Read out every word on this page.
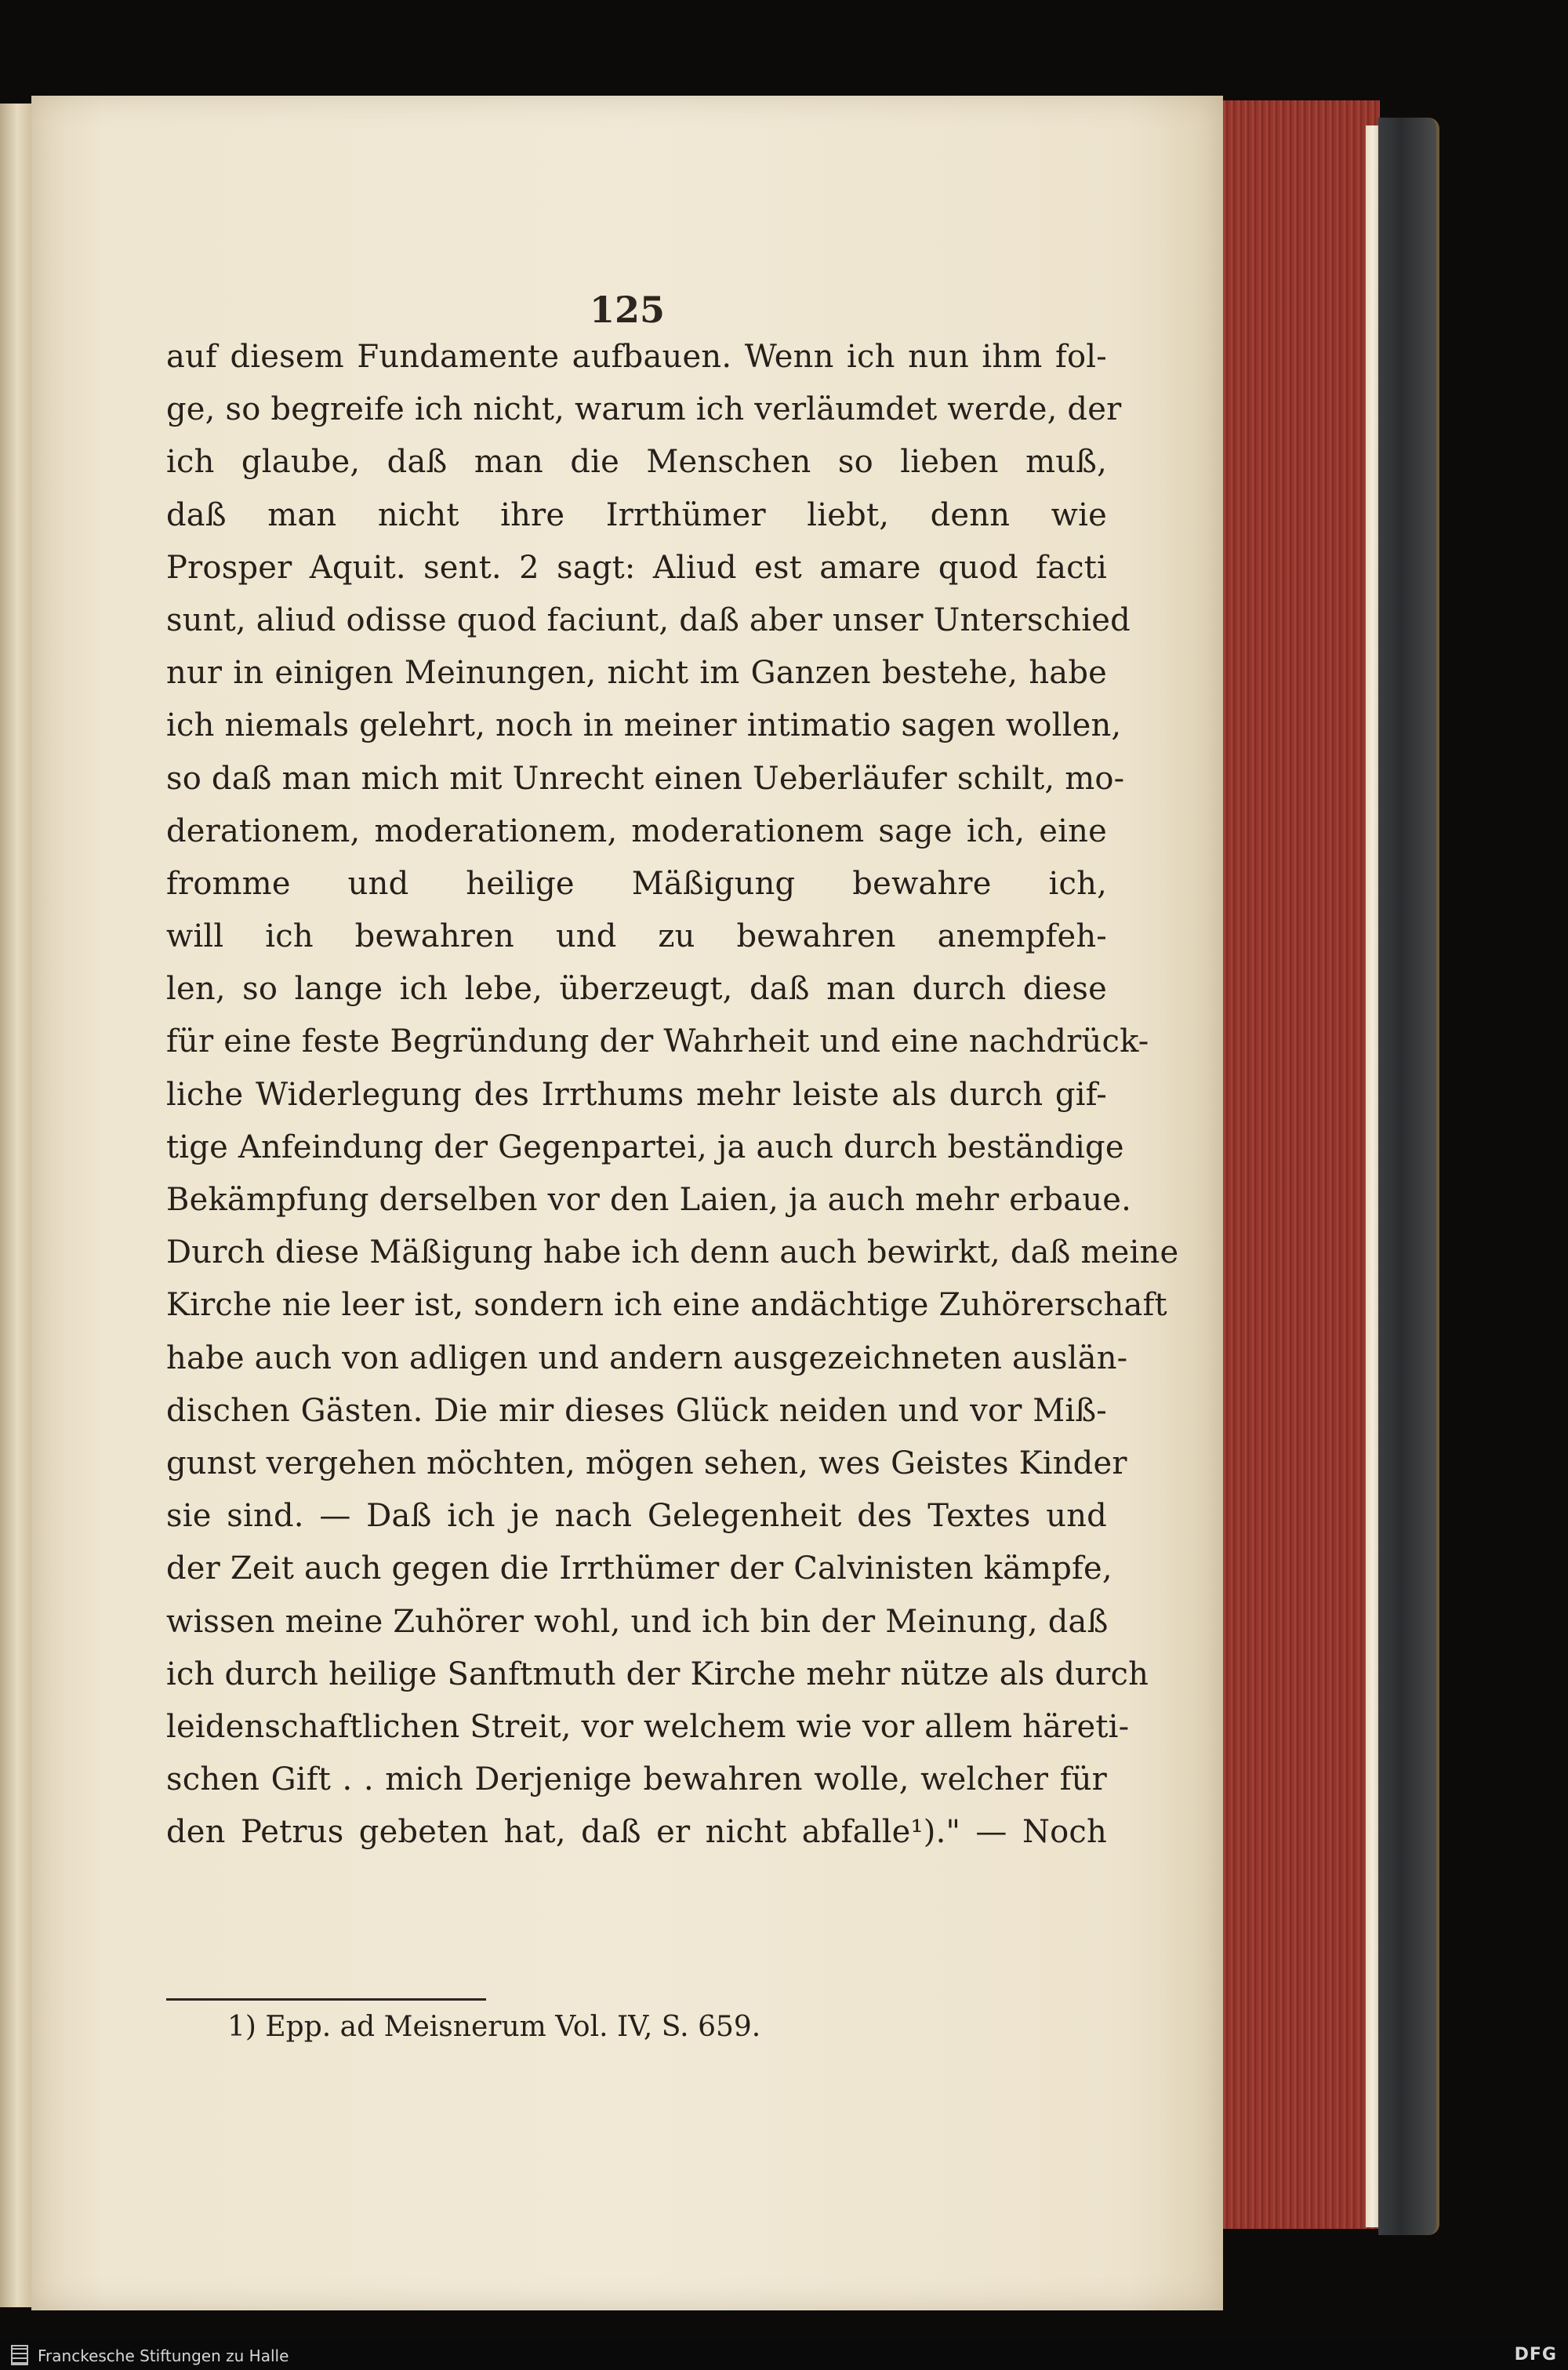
125
auf diesem Fundamente aufbauen. Wenn ich nun ihm fol-
ge, so begreife ich nicht, warum ich verläumdet werde, der
ich glaube, daß man die Menschen so lieben muß,
daß man nicht ihre Irrthümer liebt, denn wie
Prosper Aquit. sent. 2 sagt: Aliud est amare quod facti
sunt, aliud odisse quod faciunt, daß aber unser Unterschied
nur in einigen Meinungen, nicht im Ganzen bestehe, habe
ich niemals gelehrt, noch in meiner intimatio sagen wollen,
so daß man mich mit Unrecht einen Ueberläufer schilt, mo-
derationem, moderationem, moderationem sage ich, eine
fromme und heilige Mäßigung bewahre ich,
will ich bewahren und zu bewahren anempfeh-
len, so lange ich lebe, überzeugt, daß man durch diese
für eine feste Begründung der Wahrheit und eine nachdrück-
liche Widerlegung des Irrthums mehr leiste als durch gif-
tige Anfeindung der Gegenpartei, ja auch durch beständige
Bekämpfung derselben vor den Laien, ja auch mehr erbaue.
Durch diese Mäßigung habe ich denn auch bewirkt, daß meine
Kirche nie leer ist, sondern ich eine andächtige Zuhörerschaft
habe auch von adligen und andern ausgezeichneten auslän-
dischen Gästen. Die mir dieses Glück neiden und vor Miß-
gunst vergehen möchten, mögen sehen, wes Geistes Kinder
sie sind. — Daß ich je nach Gelegenheit des Textes und
der Zeit auch gegen die Irrthümer der Calvinisten kämpfe,
wissen meine Zuhörer wohl, und ich bin der Meinung, daß
ich durch heilige Sanftmuth der Kirche mehr nütze als durch
leidenschaftlichen Streit, vor welchem wie vor allem häreti-
schen Gift . . mich Derjenige bewahren wolle, welcher für
den Petrus gebeten hat, daß er nicht abfalle¹)." — Noch
1) Epp. ad Meisnerum Vol. IV, S. 659.
Franckesche Stiftungen zu Halle	DFG
